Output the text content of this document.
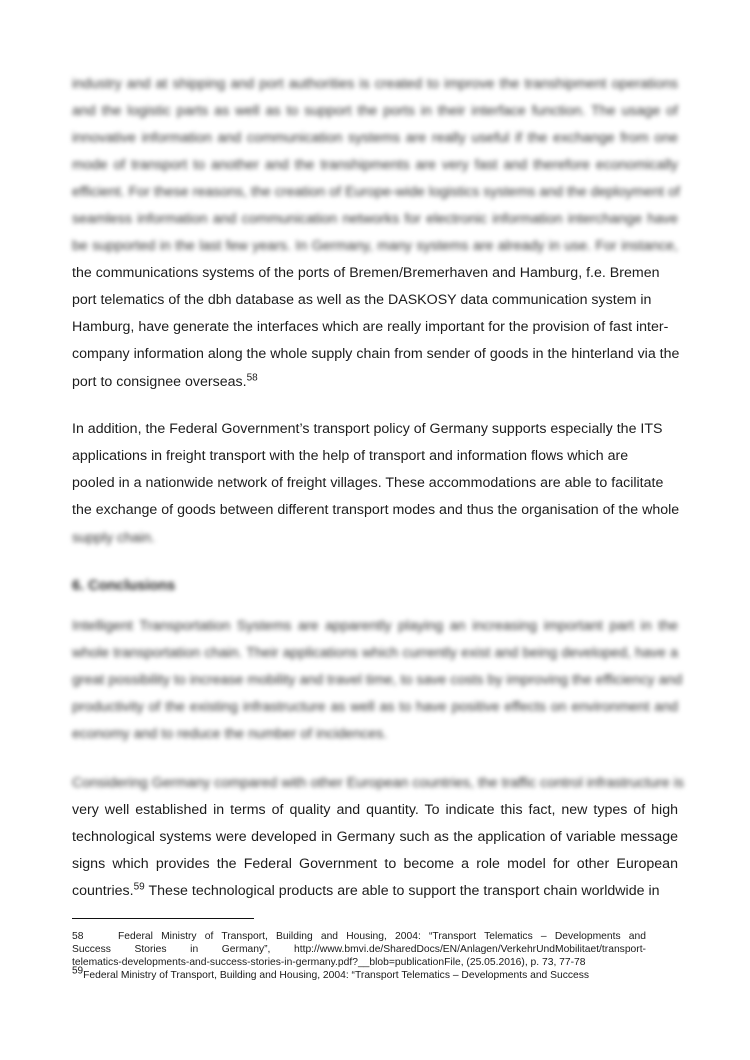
industry and at shipping and port authorities is created to improve the transhipment operations
and the logistic parts as well as to support the ports in their interface function. The usage of
innovative information and communication systems are really useful if the exchange from one
mode of transport to another and the transhipments are very fast and therefore economically
efficient. For these reasons, the creation of Europe-wide logistics systems and the deployment of
seamless information and communication networks for electronic information interchange have
be supported in the last few years. In Germany, many systems are already in use. For instance,
the communications systems of the ports of Bremen/Bremerhaven and Hamburg, f.e. Bremen
port telematics of the dbh database as well as the DASKOSY data communication system in
Hamburg, have generate the interfaces which are really important for the provision of fast inter-
company information along the whole supply chain from sender of goods in the hinterland via the
port to consignee overseas.$^{58}$
In addition, the Federal Government’s transport policy of Germany supports especially the ITS
applications in freight transport with the help of transport and information flows which are
pooled in a nationwide network of freight villages. These accommodations are able to facilitate
the exchange of goods between different transport modes and thus the organisation of the whole
supply chain.
6. Conclusions
Intelligent Transportation Systems are apparently playing an increasing important part in the
whole transportation chain. Their applications which currently exist and being developed, have a
great possibility to increase mobility and travel time, to save costs by improving the efficiency and
productivity of the existing infrastructure as well as to have positive effects on environment and
economy and to reduce the number of incidences.
Considering Germany compared with other European countries, the traffic control infrastructure is
very well established in terms of quality and quantity. To indicate this fact, new types of high
technological systems were developed in Germany such as the application of variable message
signs which provides the Federal Government to become a role model for other European
countries.$^{59}$ These technological products are able to support the transport chain worldwide in
58	Federal Ministry of Transport, Building and Housing, 2004: “Transport Telematics – Developments and
Success Stories in Germany”, http://www.bmvi.de/SharedDocs/EN/Anlagen/VerkehrUndMobilitaet/transport-
telematics-developments-and-success-stories-in-germany.pdf?__blob=publicationFile, (25.05.2016), p. 73, 77-78
$^{59}$Federal Ministry of Transport, Building and Housing, 2004: “Transport Telematics – Developments and Success
